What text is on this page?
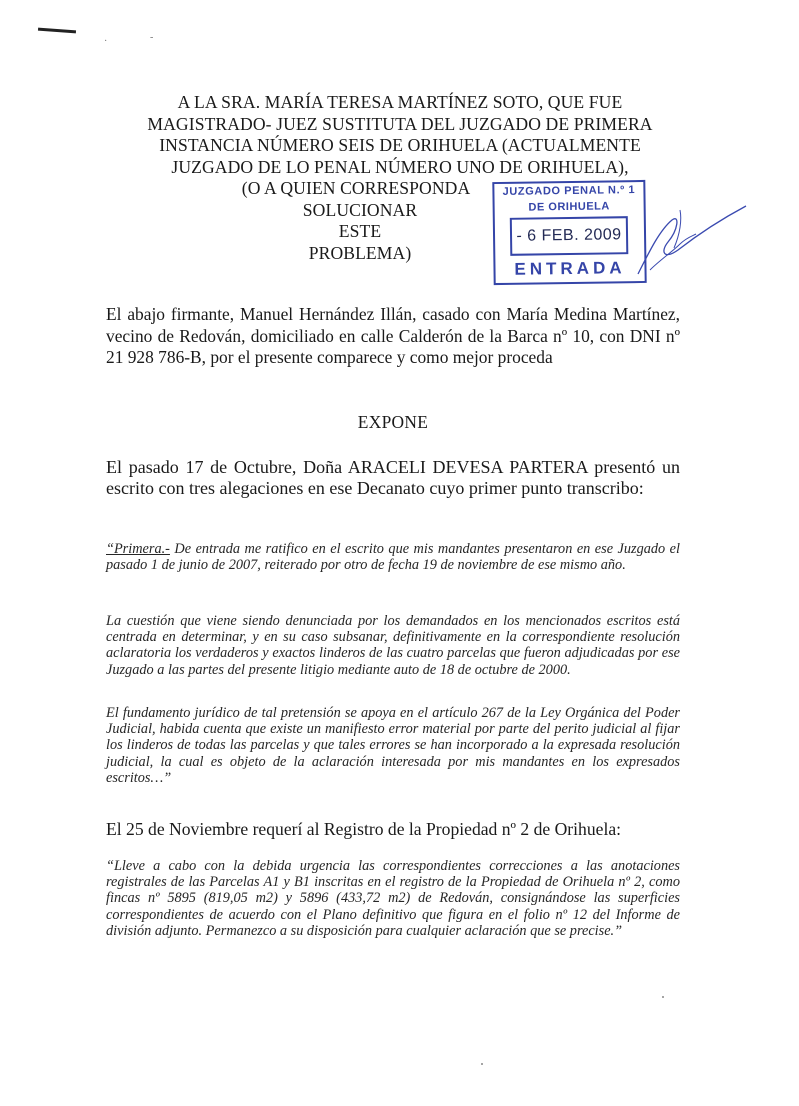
·	-
A LA SRA. MARÍA TERESA MARTÍNEZ SOTO, QUE FUE
MAGISTRADO- JUEZ SUSTITUTA DEL JUZGADO DE PRIMERA
INSTANCIA NÚMERO SEIS DE ORIHUELA (ACTUALMENTE
JUZGADO DE LO PENAL NÚMERO UNO DE ORIHUELA),
(O A QUIEN CORRESPONDA
SOLUCIONAR
ESTE
PROBLEMA)
JUZGADO PENAL N.º 1
DE ORIHUELA
- 6 FEB. 2009
ENTRADA
El abajo firmante, Manuel Hernández Illán, casado con María Medina Martínez, vecino de Redován, domiciliado en calle Calderón de la Barca nº 10, con DNI nº 21 928 786-B, por el presente comparece y como mejor proceda
EXPONE
El pasado 17 de Octubre, Doña ARACELI DEVESA PARTERA presentó un escrito con tres alegaciones en ese Decanato cuyo primer punto transcribo:
“Primera.- De entrada me ratifico en el escrito que mis mandantes presentaron en ese Juzgado el pasado 1 de junio de 2007, reiterado por otro de fecha 19 de noviembre de ese mismo año.
La cuestión que viene siendo denunciada por los demandados en los mencionados escritos está centrada en determinar, y en su caso subsanar, definitivamente en la correspondiente resolución aclaratoria los verdaderos y exactos linderos de las cuatro parcelas que fueron adjudicadas por ese Juzgado a las partes del presente litigio mediante auto de 18 de octubre de 2000.
El fundamento jurídico de tal pretensión se apoya en el artículo 267 de la Ley Orgánica del Poder Judicial, habida cuenta que existe un manifiesto error material por parte del perito judicial al fijar los linderos de todas las parcelas y que tales errores se han incorporado a la expresada resolución judicial, la cual es objeto de la aclaración interesada por mis mandantes en los expresados escritos…”
El 25 de Noviembre requerí al Registro de la Propiedad nº 2 de Orihuela:
“Lleve a cabo con la debida urgencia las correspondientes correcciones a las anotaciones registrales de las Parcelas A1 y B1 inscritas en el registro de la Propiedad de Orihuela nº 2, como fincas nº 5895 (819,05 m2) y 5896 (433,72 m2) de Redován, consignándose las superficies correspondientes de acuerdo con el Plano definitivo que figura en el folio nº 12 del Informe de división adjunto. Permanezco a su disposición para cualquier aclaración que se precise.”
